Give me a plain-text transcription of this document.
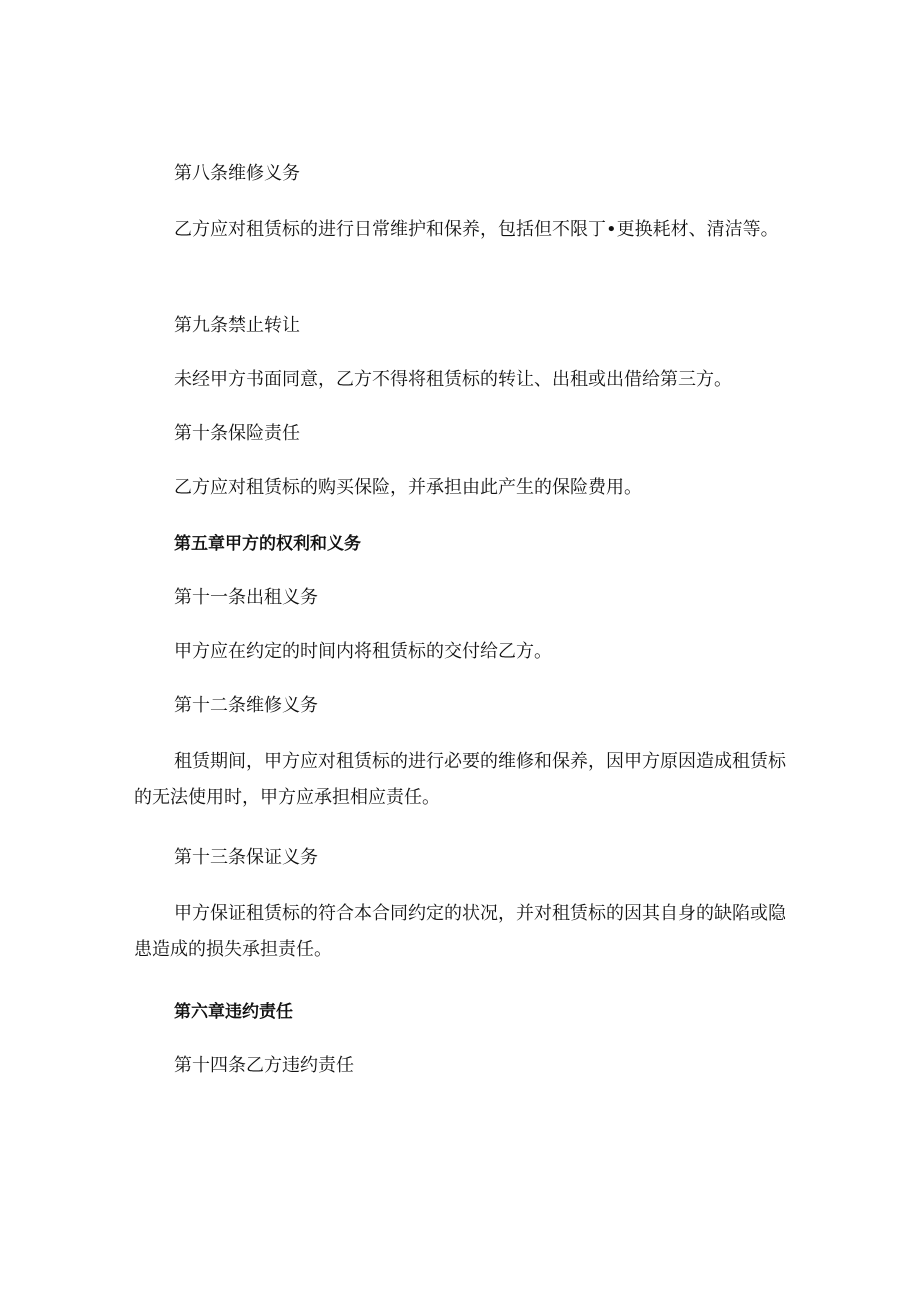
第八条维修义务
乙方应对租赁标的进行日常维护和保养，包括但不限丁•更换耗材、清洁等。
第九条禁止转让
未经甲方书面同意，乙方不得将租赁标的转让、出租或出借给第三方。
第十条保险责任
乙方应对租赁标的购买保险，并承担由此产生的保险费用。
第五章甲方的权利和义务
第十一条出租义务
甲方应在约定的时间内将租赁标的交付给乙方。
第十二条维修义务
租赁期间，甲方应对租赁标的进行必要的维修和保养，因甲方原因造成租赁标的无法使用时，甲方应承担相应责任。
第十三条保证义务
甲方保证租赁标的符合本合同约定的状况，并对租赁标的因其自身的缺陷或隐患造成的损失承担责任。
第六章违约责任
第十四条乙方违约责任
